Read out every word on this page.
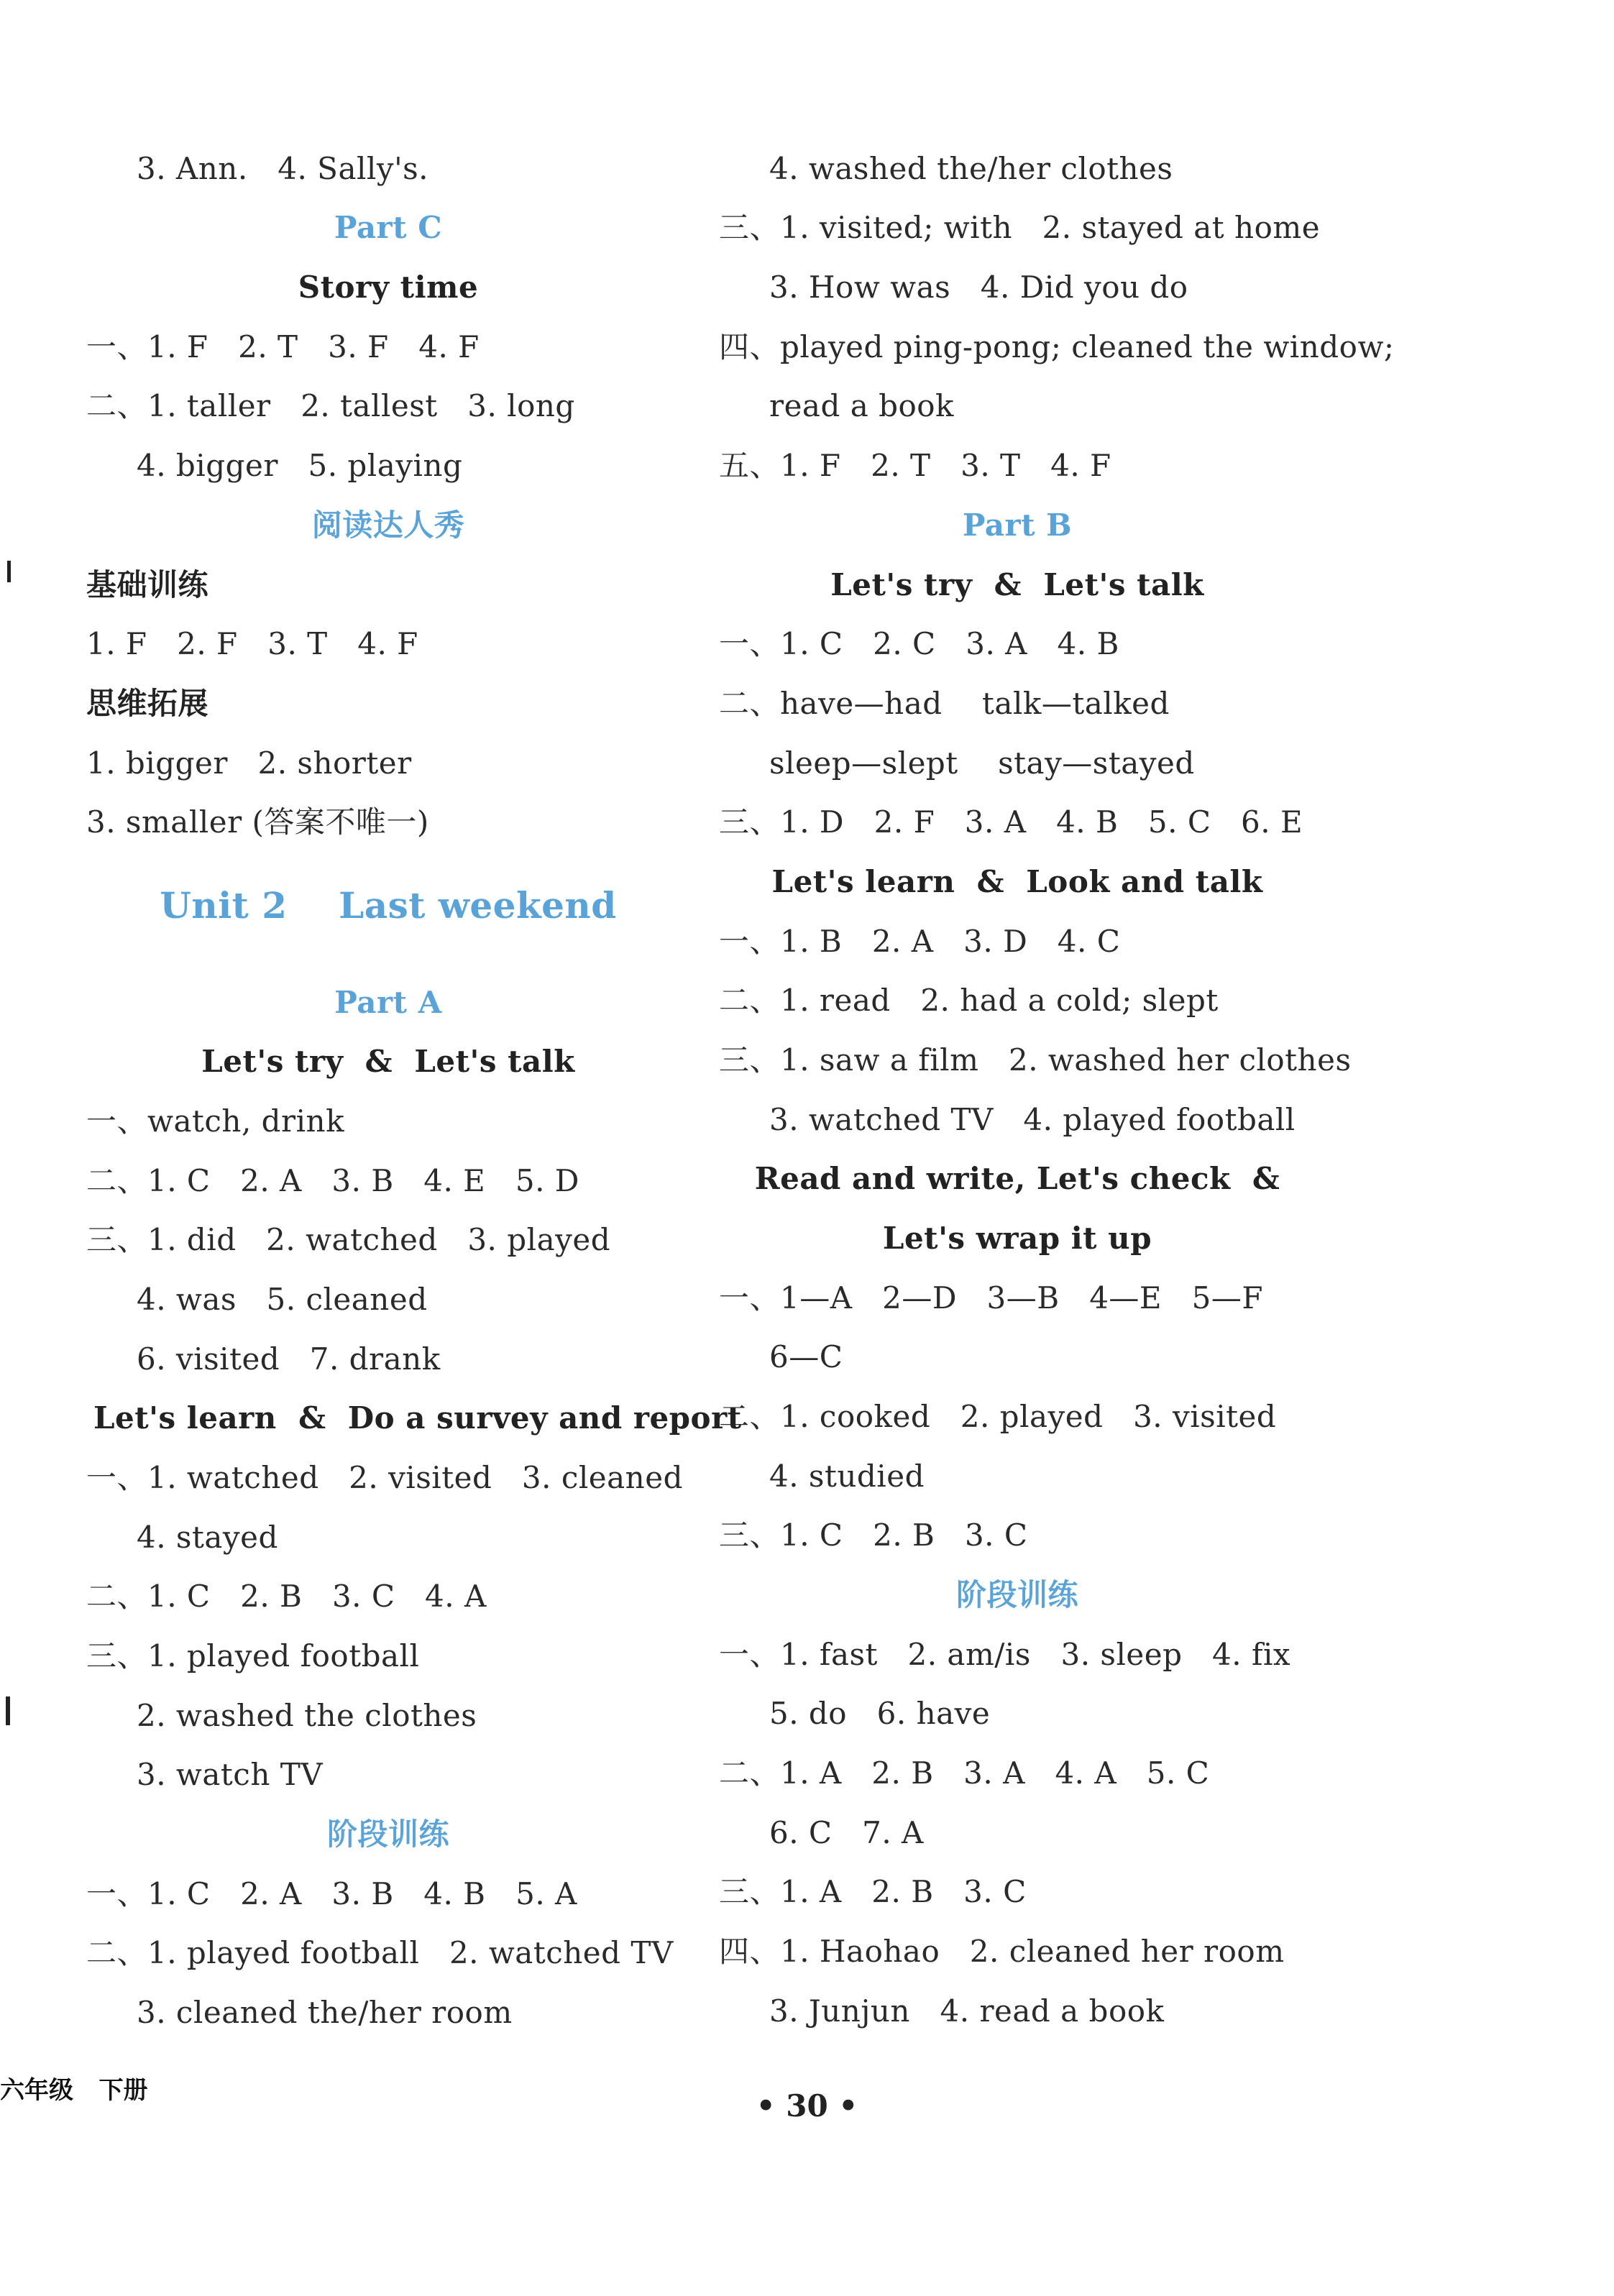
3. Ann.   4. Sally's.
Part C
Story time
一、1. F   2. T   3. F   4. F
二、1. taller   2. tallest   3. long
4. bigger   5. playing
阅读达人秀
基础训练
1. F   2. F   3. T   4. F
思维拓展
1. bigger   2. shorter
3. smaller (答案不唯一)
Unit 2    Last weekend
Part A
Let's try  &  Let's talk
一、watch, drink
二、1. C   2. A   3. B   4. E   5. D
三、1. did   2. watched   3. played
4. was   5. cleaned
6. visited   7. drank
Let's learn  &  Do a survey and report
一、1. watched   2. visited   3. cleaned
4. stayed
二、1. C   2. B   3. C   4. A
三、1. played football
2. washed the clothes
3. watch TV
阶段训练
一、1. C   2. A   3. B   4. B   5. A
二、1. played football   2. watched TV
3. cleaned the/her room
4. washed the/her clothes
三、1. visited; with   2. stayed at home
3. How was   4. Did you do
四、played ping-pong; cleaned the window;
read a book
五、1. F   2. T   3. T   4. F
Part B
Let's try  &  Let's talk
一、1. C   2. C   3. A   4. B
二、have—had    talk—talked
sleep—slept    stay—stayed
三、1. D   2. F   3. A   4. B   5. C   6. E
Let's learn  &  Look and talk
一、1. B   2. A   3. D   4. C
二、1. read   2. had a cold; slept
三、1. saw a film   2. washed her clothes
3. watched TV   4. played football
Read and write, Let's check  &
Let's wrap it up
一、1—A   2—D   3—B   4—E   5—F
6—C
二、1. cooked   2. played   3. visited
4. studied
三、1. C   2. B   3. C
阶段训练
一、1. fast   2. am/is   3. sleep   4. fix
5. do   6. have
二、1. A   2. B   3. A   4. A   5. C
6. C   7. A
三、1. A   2. B   3. C
四、1. Haohao   2. cleaned her room
3. Junjun   4. read a book
六年级   下册	• 30 •
